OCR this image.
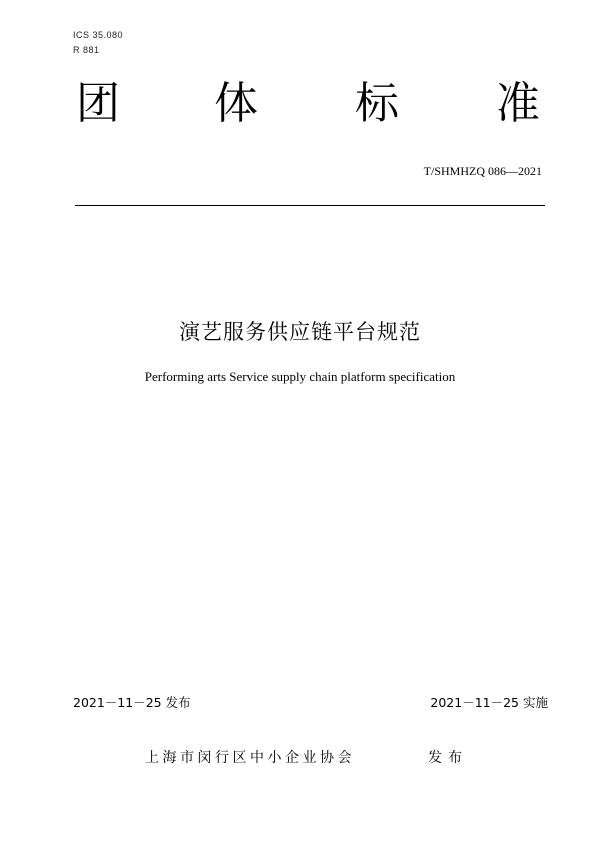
ICS 35.080
R 881
团 体 标 准
T/SHMHZQ 086—2021
演艺服务供应链平台规范
Performing arts Service supply chain platform specification
2021－11－25 发布	2021－11－25 实施
上海市闵行区中小企业协会	发布
